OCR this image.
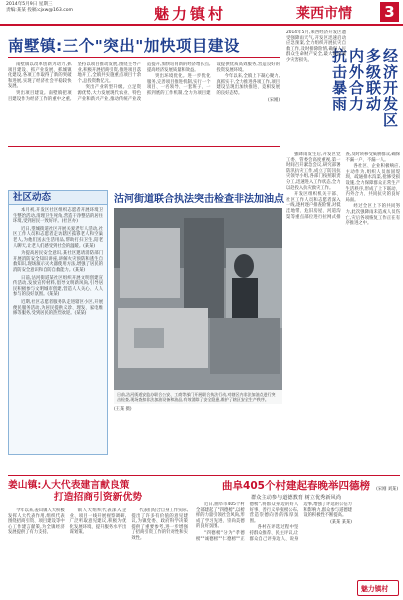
2014年5月9日 星期三
责编:某某 投稿:cjxw@163.com	魅力镇村	莱西市情 3
南墅镇:三个"突出"加快项目建设

南墅镇以改革创新为动力,抓项目建设、抓产业发展、抓城镇化建设,各项工作取得了新的突破和进展,实现了经济社会平稳较快发展。

突出项目建设。南墅镇把项目建设作为经济工作的重中之重,坚持以项目推动发展,围绕主导产业,积极开展招商引资,推进项目落地开工,全镇共实施重点项目十余个,总投资数亿元。

突出产业转型升级。立足资源优势,大力发展现代农业、特色产业和新兴产业,推动传统产业改造提升,加快培育新的经济增长点,提高经济发展质量和效益。

突出环境优化。进一步优化服务,完善项目推进机制,实行一个项目、一名领导、一套班子、一抓到底的工作机制,全力为项目建设提供优质高效服务,营造良好的投资发展环境。

今年以来,全镇上下凝心聚力,真抓实干,全力推进各项工作,项目建设呈现出加快推进、竞相发展的良好态势。

(宋刚)	经济开发区
多级联动
内外合力
抗击暴雨
2014年5月,莱西经济开发区遭受强降雨天气,开发区迅速启动应急预案,全力组织开展抗灾自救工作,及时排除险情,确保人民群众生命财产安全,最大限度减少灾害损失。

强降雨发生后,开发区党工委、管委会高度重视,第一时间召开紧急会议,研究部署防汛抗灾工作,成立了防汛抗灾领导小组,各部门按照职责分工,迅速进入工作状态,全力以赴投入抗灾救灾工作。

开发区组织机关干部、社区工作人员和志愿者深入一线,逐村逐户排查险情,对低洼地带、危旧房屋、河道沟渠等重点部位进行拉网式排查,及时转移受威胁群众,确保不漏一户、不漏一人。

各社区、企业积极响应,主动作为,组织人员加固堤坝、疏通排水沟渠,抢修受损设施,全力保障群众正常生产生活秩序,形成了上下联动、内外合力、共同抗灾的良好局面。

经过全区上下的共同努力,此次强降雨未造成人员伤亡,灾后各项恢复工作正在有序推进之中。

(宋刚 刘某)
社区动态

本月初,开发区社区组织志愿者开展环境卫生整治活动,清理卫生死角,营造干净整洁的居住环境,受到居民一致好评。(社区办)

近日,望城街道社区开展关爱老年人活动,社区工作人员和志愿者走访辖区孤寡老人和空巢老人,为他们送去生活用品,帮助打扫卫生,陪老人聊天,让老人们感受到社会的温暖。(某某)

为提高居民安全意识,某社区邀请消防部门开展消防安全知识讲座,讲解火灾预防和逃生自救知识,现场演示灭火器使用方法,增强了居民的消防安全意识和自防自救能力。(某某)

日前,沽河街道某社区组织开展文明创建宣传活动,发放宣传材料,倡导文明新风尚,引导居民积极参与文明城市创建,营造人人关心、人人参与的良好氛围。(某某)

近期,社区志愿者服务队走进辖区小区,开展便民服务活动,为居民提供义诊、理发、家电维修等服务,受到居民的热烈欢迎。(某某)

沽河街道联合执法突击检查非法加油点
日前,沽河街道安监办联合公安、工商等部门开展联合执法行动,对辖区内非法加油点进行突击检查,现场查扣非法加油设备和油品,有效消除了安全隐患,维护了辖区安全生产秩序。
(王某 摄)
姜山镇:人大代表建言献良策
打造招商引资新优势

今年以来,姜山镇人大积极发挥人大代表作用,组织代表围绕招商引资、项目建设等中心工作建言献策,为全镇经济发展提供了有力支持。

镇人大组织代表深入企业、项目一线开展视察调研,广泛听取意见建议,积极为优化发展环境、提升服务水平出谋划策。

代表们结合自身工作实际,提出了许多有价值的意见建议,为镇党委、政府科学决策提供了重要参考,进一步增强了招商引资工作的针对性和实效性。

曲阜405个村建起春晚举四德榜
群众主动参与道德教育 树立优秀新风尚

近日,曲阜市405个村全部建起了"四德榜",以榜样的力量引领社会风尚,形成了学习先进、崇尚美德的良好氛围。

"四德榜"分为"孝德榜""诚德榜""仁德榜""正德榜",将群众身边的好人好事、善行义举张榜公布,营造崇德向善的浓厚氛围。

各村在评选过程中坚持群众推荐、民主评议,让群众自己评身边人、说身边事,增强了评选的公信力和影响力,群众参与道德建设的积极性不断提高。

(某某 某某)

魅力镇村
